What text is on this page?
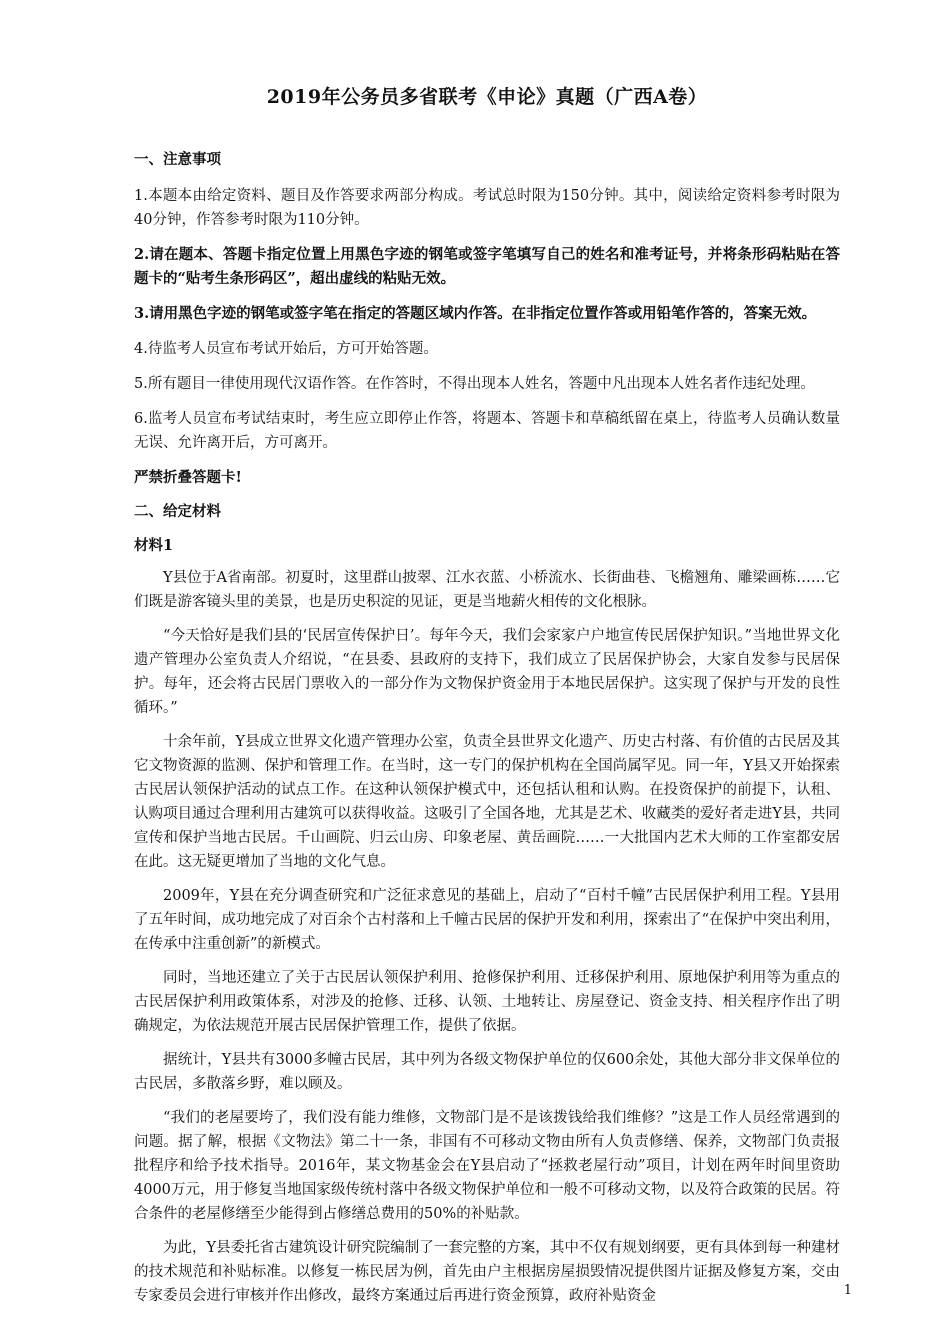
2019年公务员多省联考《申论》真题（广西A卷）
一、注意事项
1.本题本由给定资料、题目及作答要求两部分构成。考试总时限为150分钟。其中，阅读给定资料参考时限为40分钟，作答参考时限为110分钟。
2.请在题本、答题卡指定位置上用黑色字迹的钢笔或签字笔填写自己的姓名和准考证号，并将条形码粘贴在答题卡的“贴考生条形码区”，超出虚线的粘贴无效。
3.请用黑色字迹的钢笔或签字笔在指定的答题区域内作答。在非指定位置作答或用铅笔作答的，答案无效。
4.待监考人员宣布考试开始后，方可开始答题。
5.所有题目一律使用现代汉语作答。在作答时，不得出现本人姓名，答题中凡出现本人姓名者作违纪处理。
6.监考人员宣布考试结束时，考生应立即停止作答，将题本、答题卡和草稿纸留在桌上，待监考人员确认数量无误、允许离开后，方可离开。
严禁折叠答题卡!
二、给定材料
材料1
Y县位于A省南部。初夏时，这里群山披翠、江水衣蓝、小桥流水、长街曲巷、飞檐翘角、雕梁画栋……它们既是游客镜头里的美景，也是历史积淀的见证，更是当地薪火相传的文化根脉。
“今天恰好是我们县的‘民居宣传保护日’。每年今天，我们会家家户户地宣传民居保护知识。”当地世界文化遗产管理办公室负责人介绍说，“在县委、县政府的支持下，我们成立了民居保护协会，大家自发参与民居保护。每年，还会将古民居门票收入的一部分作为文物保护资金用于本地民居保护。这实现了保护与开发的良性循环。”
十余年前，Y县成立世界文化遗产管理办公室，负责全县世界文化遗产、历史古村落、有价值的古民居及其它文物资源的监测、保护和管理工作。在当时，这一专门的保护机构在全国尚属罕见。同一年，Y县又开始探索古民居认领保护活动的试点工作。在这种认领保护模式中，还包括认租和认购。在投资保护的前提下，认租、认购项目通过合理利用古建筑可以获得收益。这吸引了全国各地，尤其是艺术、收藏类的爱好者走进Y县，共同宣传和保护当地古民居。千山画院、归云山房、印象老屋、黄岳画院……一大批国内艺术大师的工作室都安居在此。这无疑更增加了当地的文化气息。
2009年，Y县在充分调查研究和广泛征求意见的基础上，启动了“百村千幢”古民居保护利用工程。Y县用了五年时间，成功地完成了对百余个古村落和上千幢古民居的保护开发和利用，探索出了“在保护中突出利用，在传承中注重创新”的新模式。
同时，当地还建立了关于古民居认领保护利用、抢修保护利用、迁移保护利用、原地保护利用等为重点的古民居保护利用政策体系，对涉及的抢修、迁移、认领、土地转让、房屋登记、资金支持、相关程序作出了明确规定，为依法规范开展古民居保护管理工作，提供了依据。
据统计，Y县共有3000多幢古民居，其中列为各级文物保护单位的仅600余处，其他大部分非文保单位的古民居，多散落乡野，难以顾及。
“我们的老屋要垮了，我们没有能力维修，文物部门是不是该拨钱给我们维修？”这是工作人员经常遇到的问题。据了解，根据《文物法》第二十一条，非国有不可移动文物由所有人负责修缮、保养，文物部门负责报批程序和给予技术指导。2016年，某文物基金会在Y县启动了“拯救老屋行动”项目，计划在两年时间里资助4000万元，用于修复当地国家级传统村落中各级文物保护单位和一般不可移动文物，以及符合政策的民居。符合条件的老屋修缮至少能得到占修缮总费用的50%的补贴款。
为此，Y县委托省古建筑设计研究院编制了一套完整的方案，其中不仅有规划纲要，更有具体到每一种建材的技术规范和补贴标准。以修复一栋民居为例，首先由户主根据房屋损毁情况提供图片证据及修复方案，交由专家委员会进行审核并作出修改，最终方案通过后再进行资金预算，政府补贴资金	1
